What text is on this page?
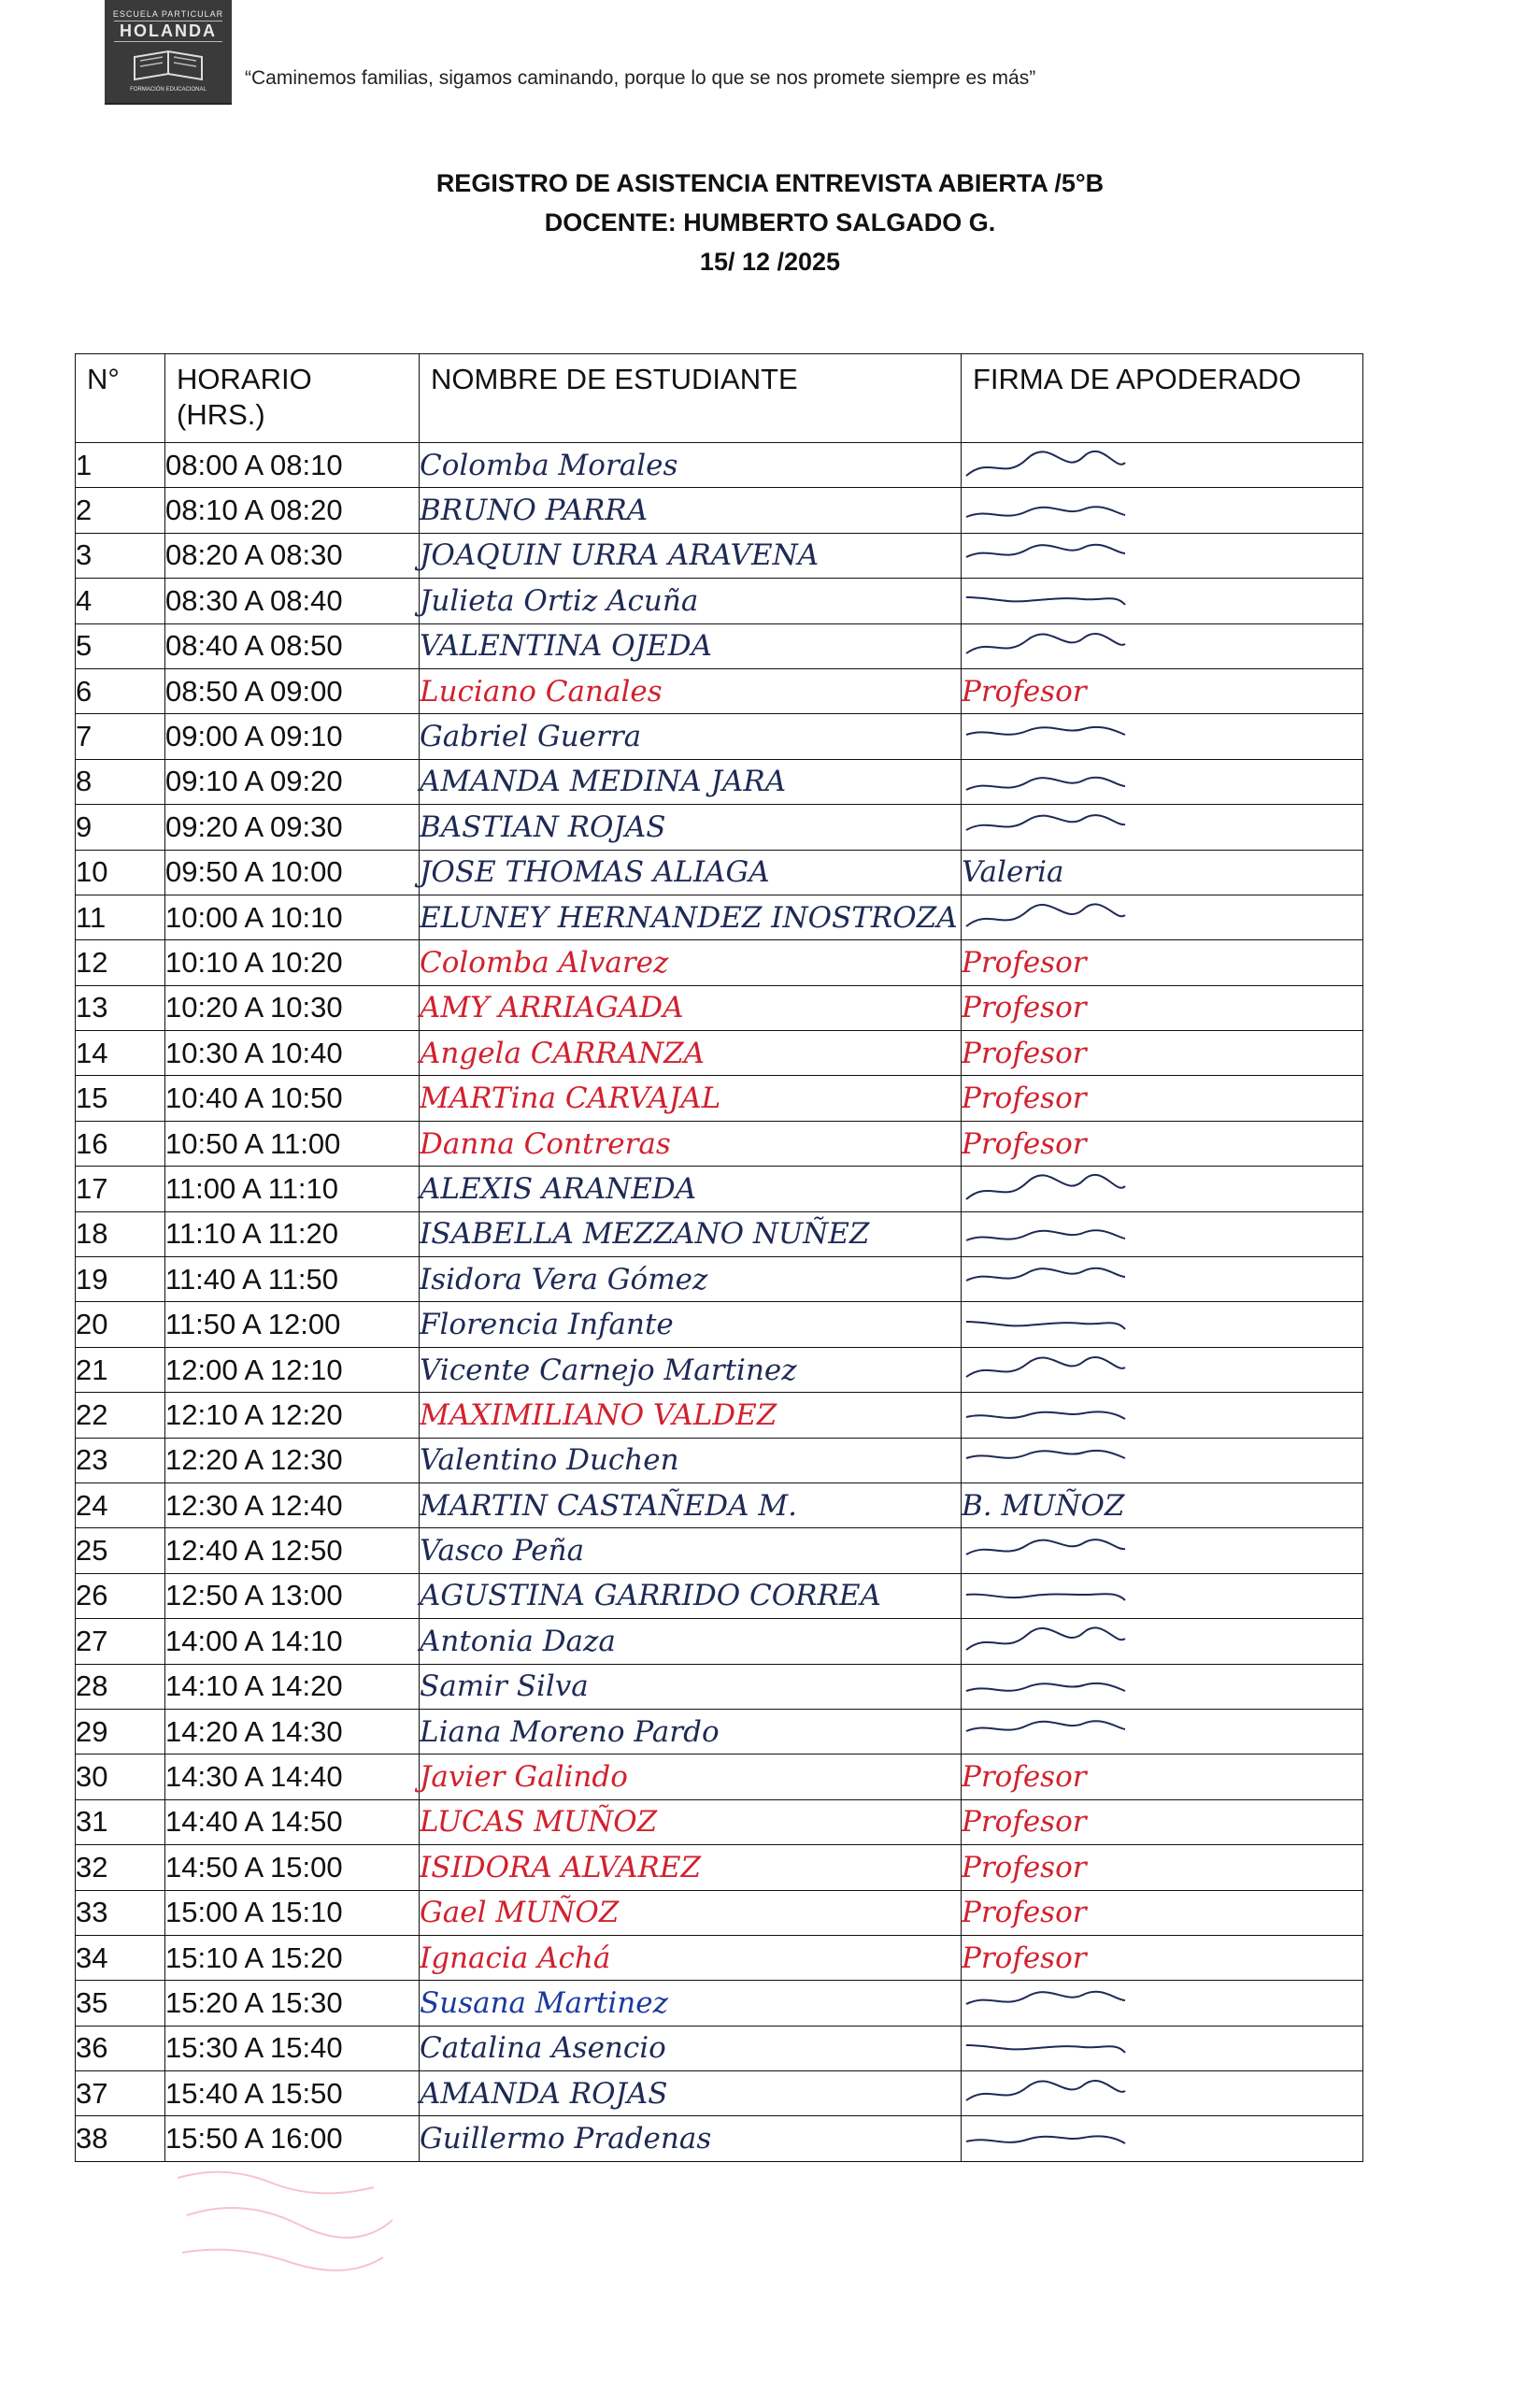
ESCUELA PARTICULAR
HOLANDA
FORMACIÓN EDUCACIONAL
“Caminemos familias, sigamos caminando, porque lo que se nos promete siempre es más”
REGISTRO DE ASISTENCIA ENTREVISTA ABIERTA /5°B
DOCENTE: HUMBERTO SALGADO G.
15/ 12 /2025
N°	HORARIO (HRS.)	NOMBRE DE ESTUDIANTE	FIRMA DE APODERADO
1	08:00 A 08:10	Colomba Morales	
2	08:10 A 08:20	BRUNO PARRA	
3	08:20 A 08:30	JOAQUIN URRA ARAVENA	
4	08:30 A 08:40	Julieta Ortiz Acuña	
5	08:40 A 08:50	VALENTINA OJEDA	
6	08:50 A 09:00	Luciano Canales	Profesor
7	09:00 A 09:10	Gabriel Guerra	
8	09:10 A 09:20	AMANDA MEDINA JARA	
9	09:20 A 09:30	BASTIAN ROJAS	
10	09:50 A 10:00	JOSE THOMAS ALIAGA	Valeria
11	10:00 A 10:10	ELUNEY HERNANDEZ INOSTROZA	
12	10:10 A 10:20	Colomba Alvarez	Profesor
13	10:20 A 10:30	AMY ARRIAGADA	Profesor
14	10:30 A 10:40	Angela CARRANZA	Profesor
15	10:40 A 10:50	MARTina CARVAJAL	Profesor
16	10:50 A 11:00	Danna Contreras	Profesor
17	11:00 A 11:10	ALEXIS ARANEDA	
18	11:10 A 11:20	ISABELLA MEZZANO NUÑEZ	
19	11:40 A 11:50	Isidora Vera Gómez	
20	11:50 A 12:00	Florencia Infante	
21	12:00 A 12:10	Vicente Carnejo Martinez	
22	12:10 A 12:20	MAXIMILIANO VALDEZ	
23	12:20 A 12:30	Valentino Duchen	
24	12:30 A 12:40	MARTIN CASTAÑEDA M.	B. MUÑOZ
25	12:40 A 12:50	Vasco Peña	
26	12:50 A 13:00	AGUSTINA GARRIDO CORREA	
27	14:00 A 14:10	Antonia Daza	
28	14:10 A 14:20	Samir Silva	
29	14:20 A 14:30	Liana Moreno Pardo	
30	14:30 A 14:40	Javier Galindo	Profesor
31	14:40 A 14:50	LUCAS MUÑOZ	Profesor
32	14:50 A 15:00	ISIDORA ALVAREZ	Profesor
33	15:00 A 15:10	Gael MUÑOZ	Profesor
34	15:10 A 15:20	Ignacia Achá	Profesor
35	15:20 A 15:30	Susana Martinez	
36	15:30 A 15:40	Catalina Asencio	
37	15:40 A 15:50	AMANDA ROJAS	
38	15:50 A 16:00	Guillermo Pradenas	
